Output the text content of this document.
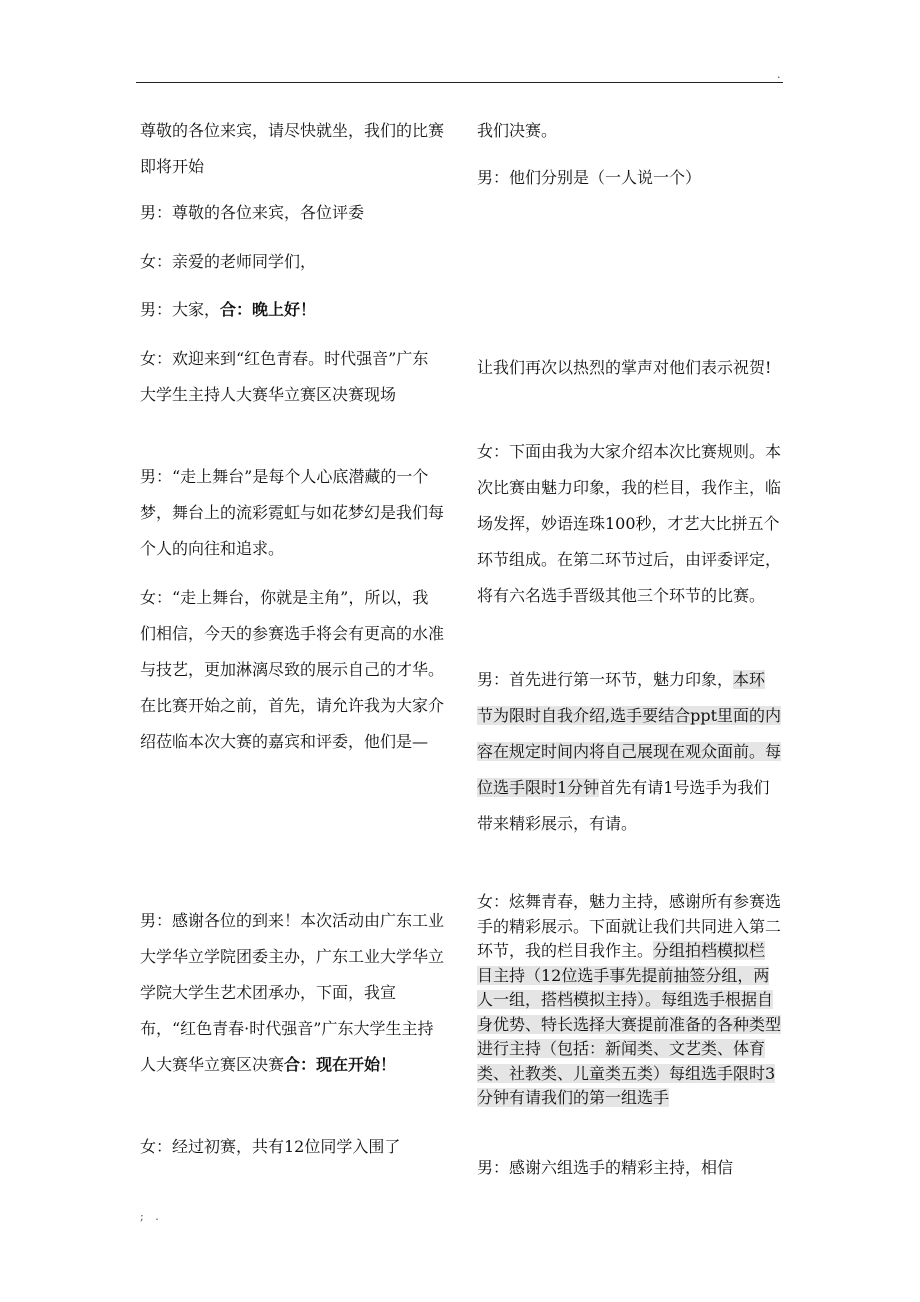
.

尊敬的各位来宾，请尽快就坐，我们的比赛即将开始

男：尊敬的各位来宾，各位评委

女：亲爱的老师同学们，

男：大家，合：晚上好！

女：欢迎来到“红色青春。时代强音”广东大学生主持人大赛华立赛区决赛现场

男：“走上舞台”是每个人心底潜藏的一个梦，舞台上的流彩霓虹与如花梦幻是我们每个人的向往和追求。

女：“走上舞台，你就是主角”，所以，我们相信，今天的参赛选手将会有更高的水准与技艺，更加淋漓尽致的展示自己的才华。在比赛开始之前，首先，请允许我为大家介绍莅临本次大赛的嘉宾和评委，他们是—

男：感谢各位的到来！本次活动由广东工业大学华立学院团委主办，广东工业大学华立学院大学生艺术团承办，下面，我宣布，“红色青春·时代强音”广东大学生主持人大赛华立赛区决赛合：现在开始！

女：经过初赛，共有12位同学入围了

我们决赛。

男：他们分别是（一人说一个）

让我们再次以热烈的掌声对他们表示祝贺!

女：下面由我为大家介绍本次比赛规则。本次比赛由魅力印象，我的栏目，我作主，临场发挥，妙语连珠100秒，才艺大比拼五个环节组成。在第二环节过后，由评委评定，将有六名选手晋级其他三个环节的比赛。

男：首先进行第一环节，魅力印象，本环节为限时自我介绍,选手要结合ppt里面的内容在规定时间内将自己展现在观众面前。每位选手限时1分钟首先有请1号选手为我们带来精彩展示，有请。

女：炫舞青春，魅力主持，感谢所有参赛选手的精彩展示。下面就让我们共同进入第二环节，我的栏目我作主。分组拍档模拟栏目主持（12位选手事先提前抽签分组，两人一组，搭档模拟主持）。每组选手根据自身优势、特长选择大赛提前准备的各种类型进行主持（包括：新闻类、文艺类、体育类、社教类、儿童类五类）每组选手限时3分钟有请我们的第一组选手

男：感谢六组选手的精彩主持，相信

; .
